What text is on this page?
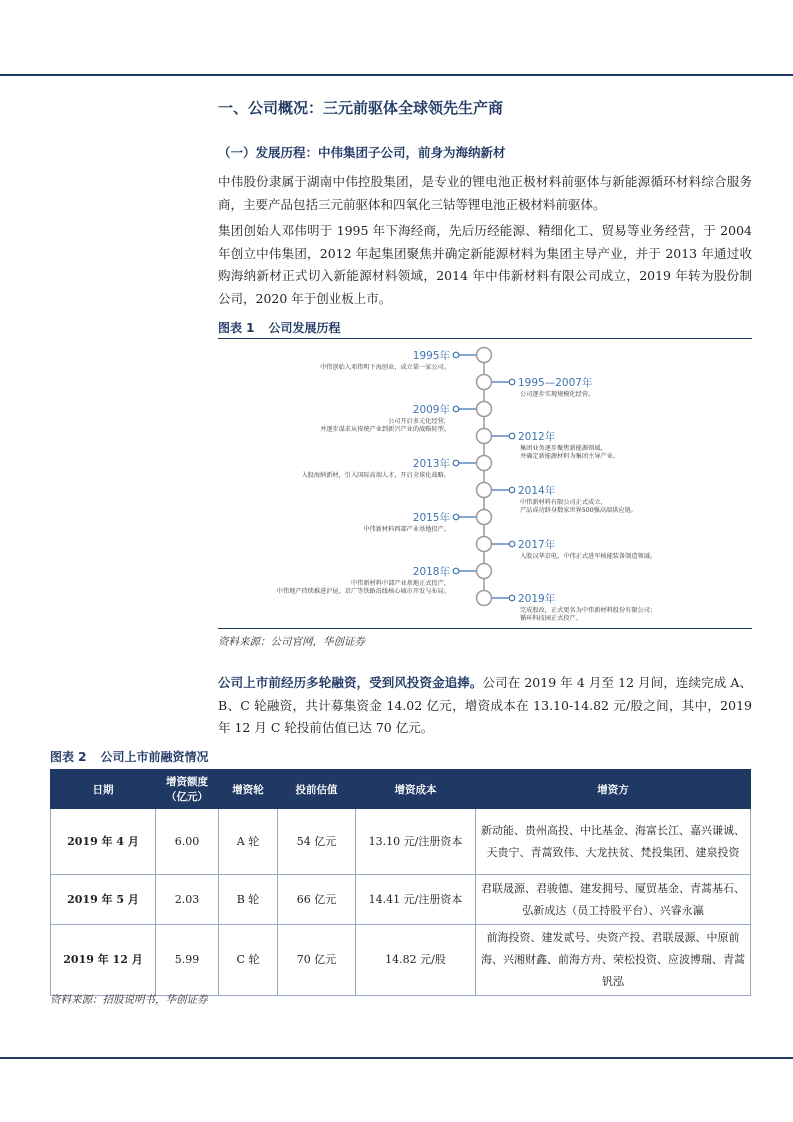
一、公司概况：三元前驱体全球领先生产商
（一）发展历程：中伟集团子公司，前身为海纳新材
中伟股份隶属于湖南中伟控股集团，是专业的锂电池正极材料前驱体与新能源循环材料综合服务商，主要产品包括三元前驱体和四氧化三钴等锂电池正极材料前驱体。
集团创始人邓伟明于 1995 年下海经商，先后历经能源、精细化工、贸易等业务经营，于 2004 年创立中伟集团，2012 年起集团聚焦并确定新能源材料为集团主导产业，并于 2013 年通过收购海纳新材正式切入新能源材料领域，2014 年中伟新材料有限公司成立，2019 年转为股份制公司，2020 年于创业板上市。
图表 1 公司发展历程
1995年
中伟创始人邓伟明下海创业，成立第一家公司。
1995—2007年
公司逐步实现规模化经营。
2009年
公司开启多元化经营，
并逐步谋求从传统产业到新兴产业的战略转型。
2012年
集团业务逐步聚焦新能源领域，
并确定新能源材料为集团主导产业。
2013年
入股海纳新材，引入国际高端人才，开启全球化战略。
2014年
中伟新材料有限公司正式成立，
产品成功跻身数家世界500强高端供应链。
2015年
中伟新材料西部产业基地投产。
2017年
入股汉华京电，中伟正式进军核能装备制造领域。
2018年
中伟新材料中部产业基地正式投产，
中伟地产持续推进沪昆、京广等铁路沿线核心城市开发与布局。
2019年
完成股改，正式更名为中伟新材料股份有限公司；
循环科技园正式投产。
资料来源：公司官网，华创证券
公司上市前经历多轮融资，受到风投资金追捧。公司在 2019 年 4 月至 12 月间，连续完成 A、B、C 轮融资，共计募集资金 14.02 亿元，增资成本在 13.10-14.82 元/股之间，其中，2019 年 12 月 C 轮投前估值已达 70 亿元。
图表 2 公司上市前融资情况
日期	增资额度（亿元）	增资轮	投前估值	增资成本	增资方
2019 年 4 月	6.00	A 轮	54 亿元	13.10 元/注册资本	新动能、贵州高投、中比基金、海富长江、嘉兴谦诚、天贵宁、青蒿致伟、大龙扶贫、梵投集团、建泉投资
2019 年 5 月	2.03	B 轮	66 亿元	14.41 元/注册资本	君联晟源、君骏德、建发拥号、厦贸基金、青蒿基石、弘新成达（员工持股平台）、兴睿永瀛
2019 年 12 月	5.99	C 轮	70 亿元	14.82 元/股	前海投资、建发贰号、央资产投、君联晟源、中原前海、兴湘财鑫、前海方舟、荣松投资、应波博瑞、青蒿钒泓
资料来源：招股说明书，华创证券
